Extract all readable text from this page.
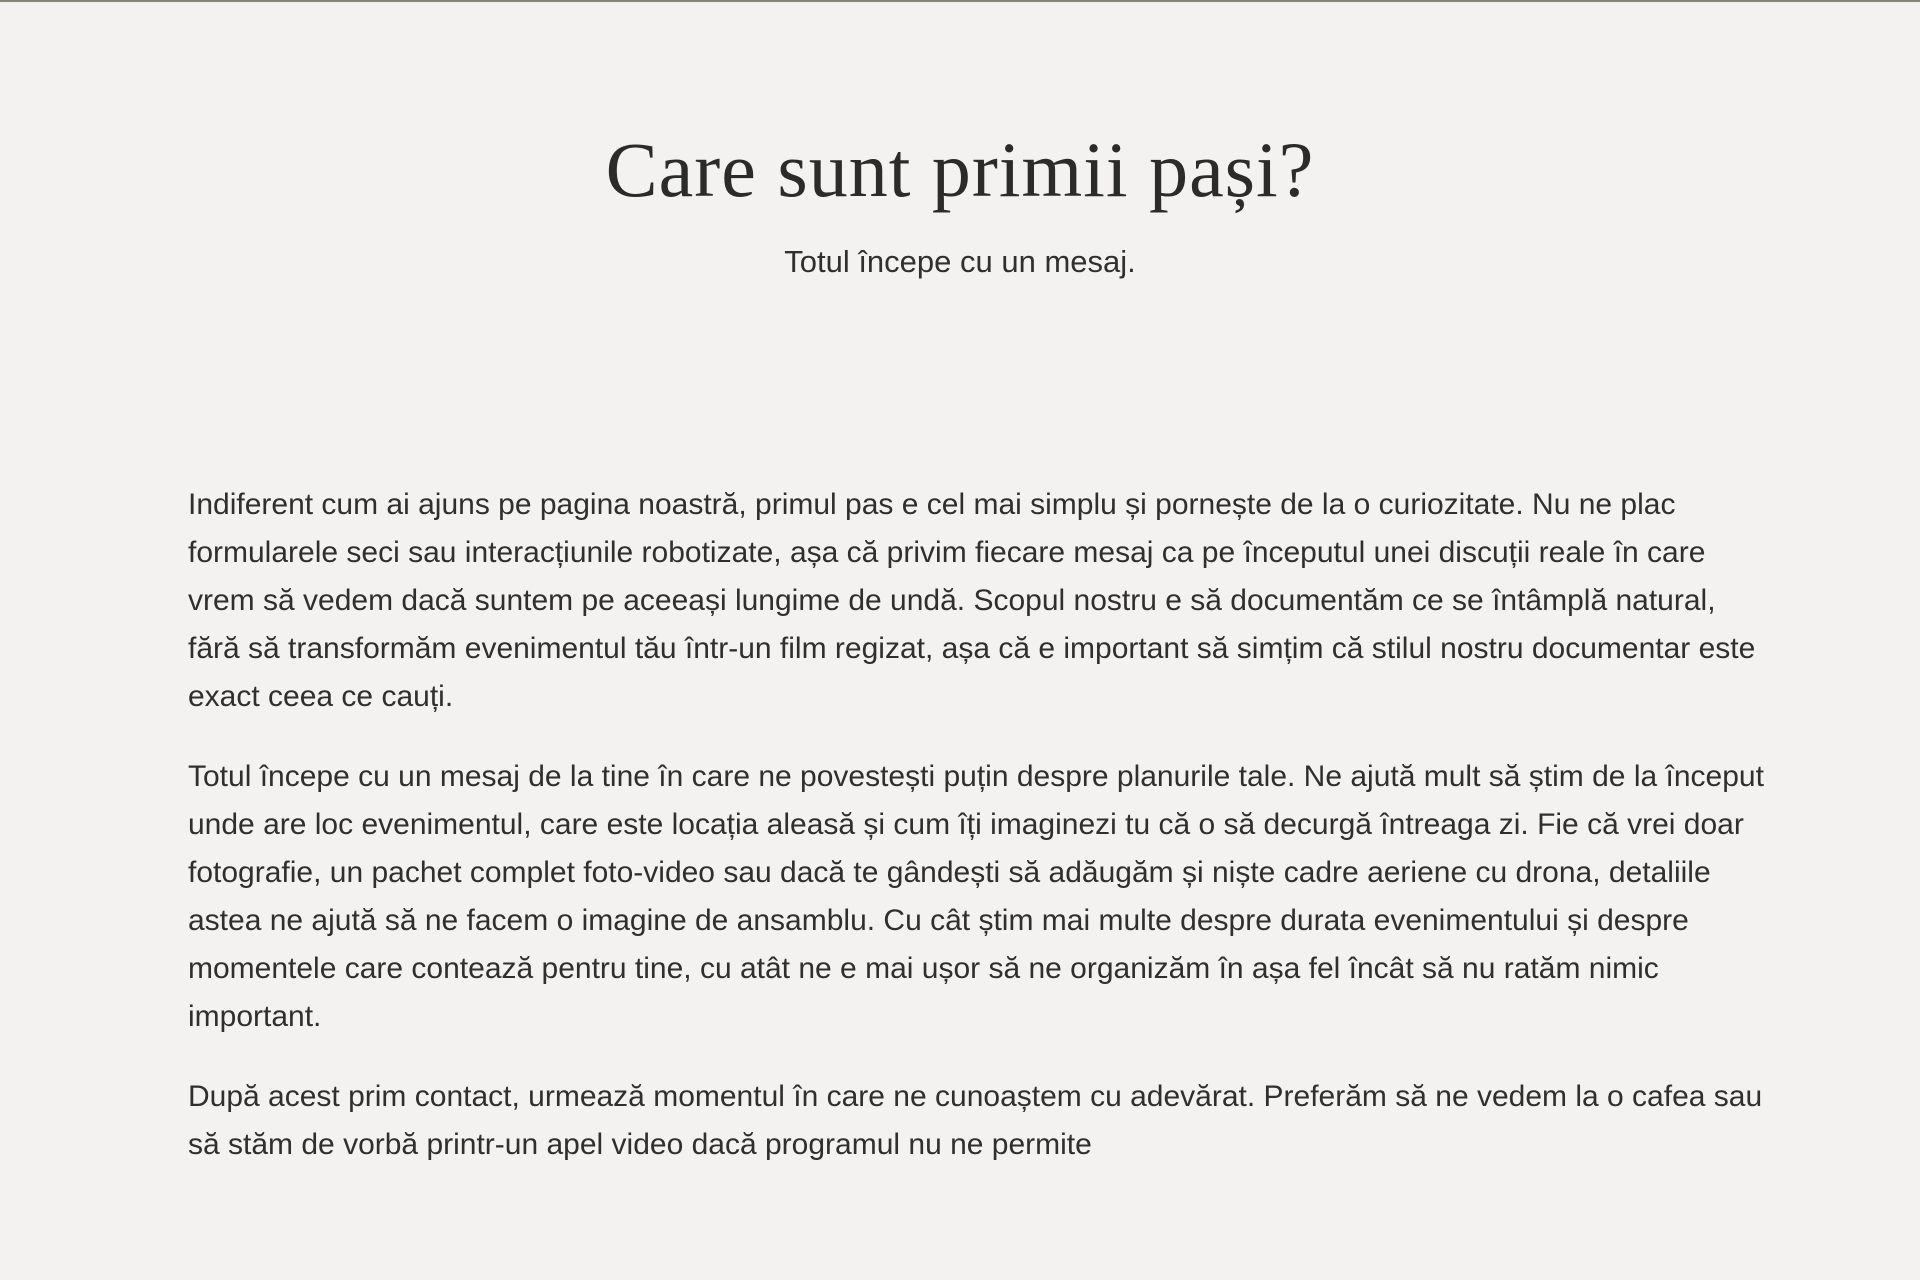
Care sunt primii pași?

Totul începe cu un mesaj.

Indiferent cum ai ajuns pe pagina noastră, primul pas e cel mai simplu și pornește de la o curiozitate. Nu ne plac formularele seci sau interacțiunile robotizate, așa că privim fiecare mesaj ca pe începutul unei discuții reale în care vrem să vedem dacă suntem pe aceeași lungime de undă. Scopul nostru e să documentăm ce se întâmplă natural, fără să transformăm evenimentul tău într-un film regizat, așa că e important să simțim că stilul nostru documentar este exact ceea ce cauți.

Totul începe cu un mesaj de la tine în care ne povestești puțin despre planurile tale. Ne ajută mult să știm de la început unde are loc evenimentul, care este locația aleasă și cum îți imaginezi tu că o să decurgă întreaga zi. Fie că vrei doar fotografie, un pachet complet foto-video sau dacă te gândești să adăugăm și niște cadre aeriene cu drona, detaliile astea ne ajută să ne facem o imagine de ansamblu. Cu cât știm mai multe despre durata evenimentului și despre momentele care contează pentru tine, cu atât ne e mai ușor să ne organizăm în așa fel încât să nu ratăm nimic important.

După acest prim contact, urmează momentul în care ne cunoaștem cu adevărat. Preferăm să ne vedem la o cafea sau să stăm de vorbă printr-un apel video dacă programul nu ne permite
